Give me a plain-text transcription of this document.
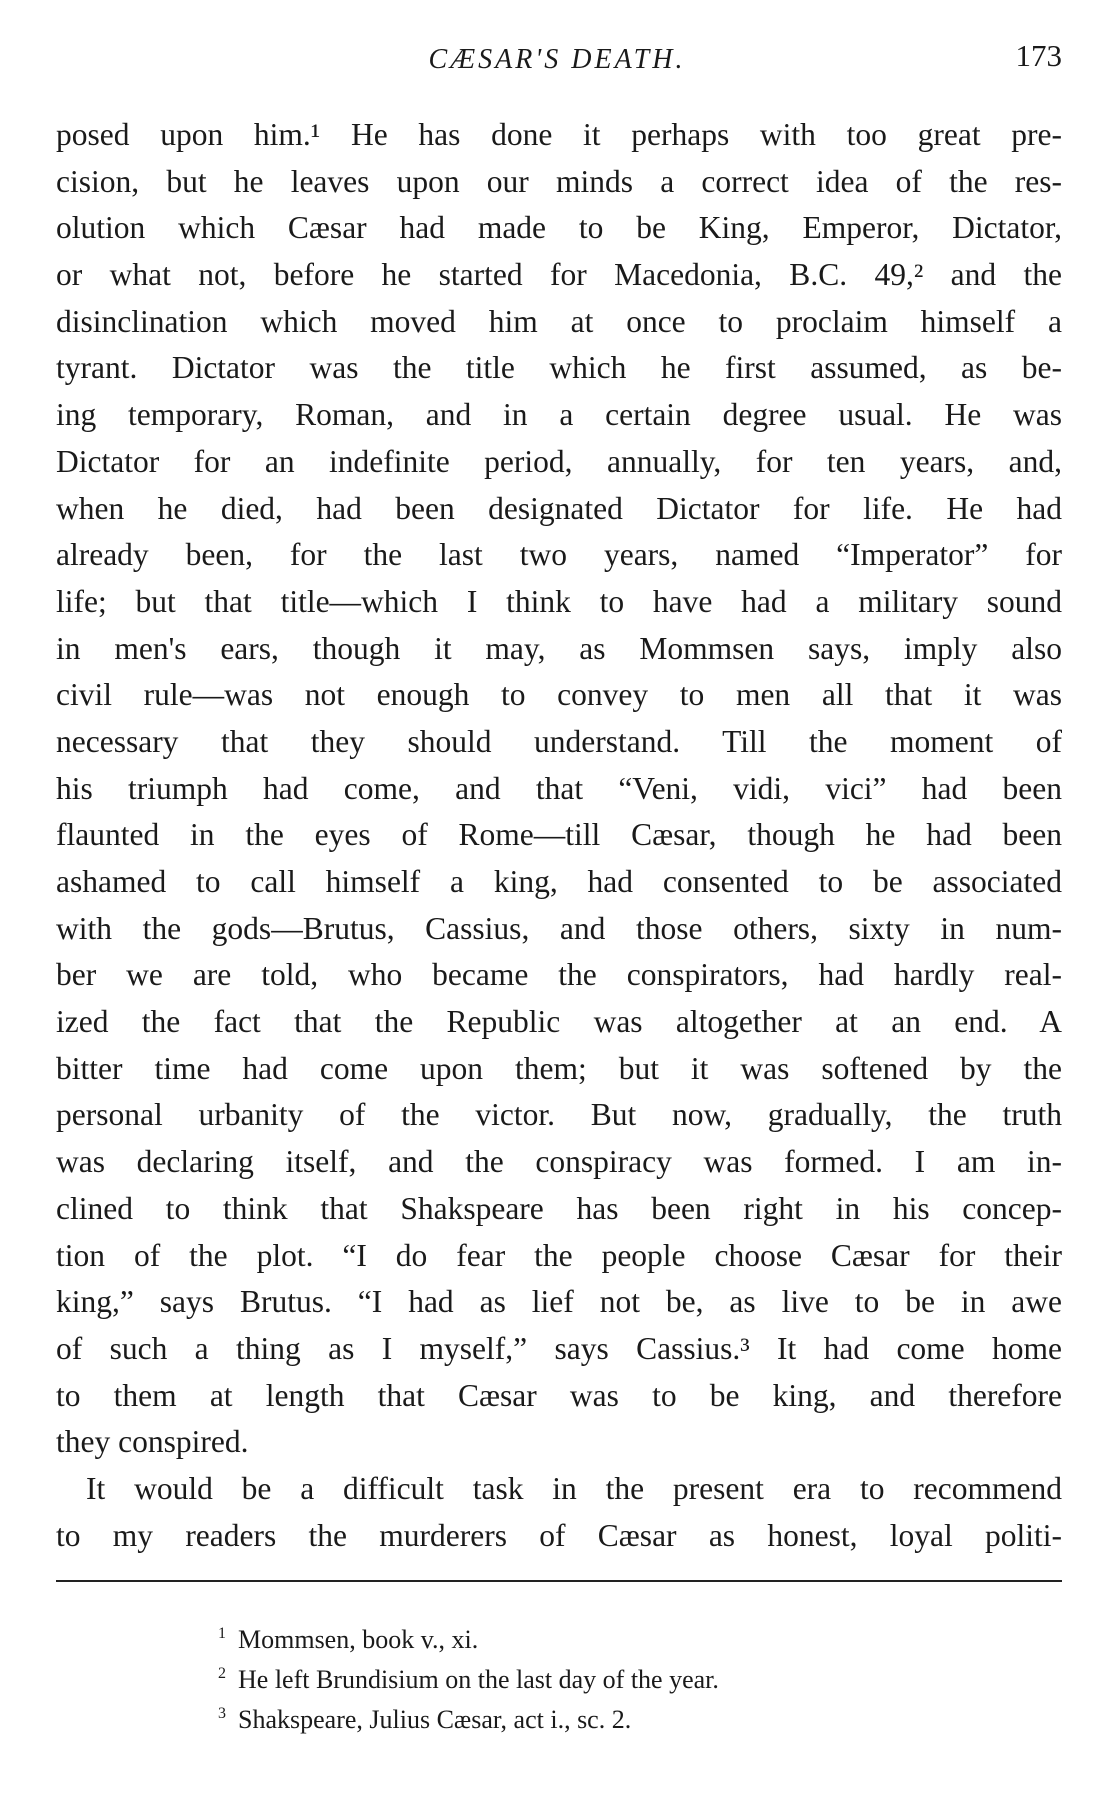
CÆSAR'S DEATH.	173
posed upon him.¹ He has done it perhaps with too great pre-
cision, but he leaves upon our minds a correct idea of the res-
olution which Cæsar had made to be King, Emperor, Dictator,
or what not, before he started for Macedonia, B.C. 49,² and the
disinclination which moved him at once to proclaim himself a
tyrant. Dictator was the title which he first assumed, as be-
ing temporary, Roman, and in a certain degree usual. He was
Dictator for an indefinite period, annually, for ten years, and,
when he died, had been designated Dictator for life. He had
already been, for the last two years, named “Imperator” for
life; but that title—which I think to have had a military sound
in men's ears, though it may, as Mommsen says, imply also
civil rule—was not enough to convey to men all that it was
necessary that they should understand. Till the moment of
his triumph had come, and that “Veni, vidi, vici” had been
flaunted in the eyes of Rome—till Cæsar, though he had been
ashamed to call himself a king, had consented to be associated
with the gods—Brutus, Cassius, and those others, sixty in num-
ber we are told, who became the conspirators, had hardly real-
ized the fact that the Republic was altogether at an end. A
bitter time had come upon them; but it was softened by the
personal urbanity of the victor. But now, gradually, the truth
was declaring itself, and the conspiracy was formed. I am in-
clined to think that Shakspeare has been right in his concep-
tion of the plot. “I do fear the people choose Cæsar for their
king,” says Brutus. “I had as lief not be, as live to be in awe
of such a thing as I myself,” says Cassius.³ It had come home
to them at length that Cæsar was to be king, and therefore
they conspired.
It would be a difficult task in the present era to recommend
to my readers the murderers of Cæsar as honest, loyal politi-
$^1$ Mommsen, book v., xi.
$^2$ He left Brundisium on the last day of the year.
$^3$ Shakspeare, Julius Cæsar, act i., sc. 2.
